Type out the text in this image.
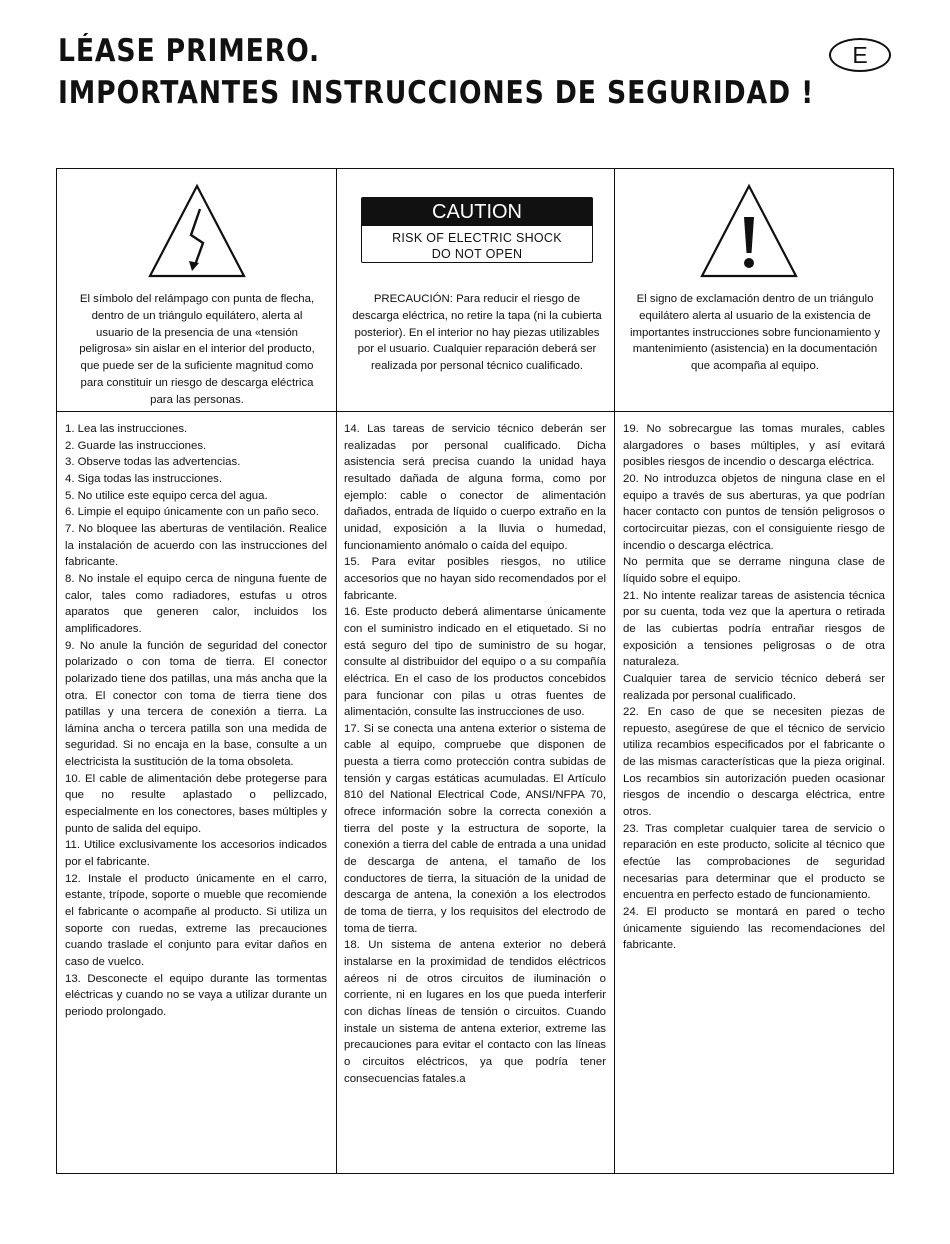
LÉASE PRIMERO.
IMPORTANTES INSTRUCCIONES DE SEGURIDAD !
E

El símbolo del relámpago con punta de flecha, dentro de un triángulo equilátero, alerta al usuario de la presencia de una «tensión peligrosa» sin aislar en el interior del producto, que puede ser de la suficiente magnitud como para constituir un riesgo de descarga eléctrica para las personas.

CAUTION
RISK OF ELECTRIC SHOCK
DO NOT OPEN

PRECAUCIÓN: Para reducir el riesgo de descarga eléctrica, no retire la tapa (ni la cubierta posterior). En el interior no hay piezas utilizables por el usuario. Cualquier reparación deberá ser realizada por personal técnico cualificado.

El signo de exclamación dentro de un triángulo equilátero alerta al usuario de la existencia de importantes instrucciones sobre funcionamiento y mantenimiento (asistencia) en la documentación que acompaña al equipo.

1. Lea las instrucciones.

2. Guarde las instrucciones.

3. Observe todas las advertencias.

4. Siga todas las instrucciones.

5. No utilice este equipo cerca del agua.

6. Limpie el equipo únicamente con un paño seco.

7. No bloquee las aberturas de ventilación. Realice la instalación de acuerdo con las instrucciones del fabricante.

8. No instale el equipo cerca de ninguna fuente de calor, tales como radiadores, estufas u otros aparatos que generen calor, incluidos los amplificadores.

9. No anule la función de seguridad del conector polarizado o con toma de tierra. El conector polarizado tiene dos patillas, una más ancha que la otra. El conector con toma de tierra tiene dos patillas y una tercera de conexión a tierra. La lámina ancha o tercera patilla son una medida de seguridad. Si no encaja en la base, consulte a un electricista la sustitución de la toma obsoleta.

10. El cable de alimentación debe protegerse para que no resulte aplastado o pellizcado, especialmente en los conectores, bases múltiples y punto de salida del equipo.

11. Utilice exclusivamente los accesorios indicados por el fabricante.

12. Instale el producto únicamente en el carro, estante, trípode, soporte o mueble que recomiende el fabricante o acompañe al producto. Si utiliza un soporte con ruedas, extreme las precauciones cuando traslade el conjunto para evitar daños en caso de vuelco.

13. Desconecte el equipo durante las tormentas eléctricas y cuando no se vaya a utilizar durante un periodo prolongado.

14. Las tareas de servicio técnico deberán ser realizadas por personal cualificado. Dicha asistencia será precisa cuando la unidad haya resultado dañada de alguna forma, como por ejemplo: cable o conector de alimentación dañados, entrada de líquido o cuerpo extraño en la unidad, exposición a la lluvia o humedad, funcionamiento anómalo o caída del equipo.

15. Para evitar posibles riesgos, no utilice accesorios que no hayan sido recomendados por el fabricante.

16. Este producto deberá alimentarse únicamente con el suministro indicado en el etiquetado. Si no está seguro del tipo de suministro de su hogar, consulte al distribuidor del equipo o a su compañía eléctrica. En el caso de los productos concebidos para funcionar con pilas u otras fuentes de alimentación, consulte las instrucciones de uso.

17. Si se conecta una antena exterior o sistema de cable al equipo, compruebe que disponen de puesta a tierra como protección contra subidas de tensión y cargas estáticas acumuladas. El Artículo 810 del National Electrical Code, ANSI/NFPA 70, ofrece información sobre la correcta conexión a tierra del poste y la estructura de soporte, la conexión a tierra del cable de entrada a una unidad de descarga de antena, el tamaño de los conductores de tierra, la situación de la unidad de descarga de antena, la conexión a los electrodos de toma de tierra, y los requisitos del electrodo de toma de tierra.

18. Un sistema de antena exterior no deberá instalarse en la proximidad de tendidos eléctricos aéreos ni de otros circuitos de iluminación o corriente, ni en lugares en los que pueda interferir con dichas líneas de tensión o circuitos. Cuando instale un sistema de antena exterior, extreme las precauciones para evitar el contacto con las líneas o circuitos eléctricos, ya que podría tener consecuencias fatales.a

19. No sobrecargue las tomas murales, cables alargadores o bases múltiples, y así evitará posibles riesgos de incendio o descarga eléctrica.

20. No introduzca objetos de ninguna clase en el equipo a través de sus aberturas, ya que podrían hacer contacto con puntos de tensión peligrosos o cortocircuitar piezas, con el consiguiente riesgo de incendio o descarga eléctrica.

No permita que se derrame ninguna clase de líquido sobre el equipo.

21. No intente realizar tareas de asistencia técnica por su cuenta, toda vez que la apertura o retirada de las cubiertas podría entrañar riesgos de exposición a tensiones peligrosas o de otra naturaleza.

Cualquier tarea de servicio técnico deberá ser realizada por personal cualificado.

22. En caso de que se necesiten piezas de repuesto, asegúrese de que el técnico de servicio utiliza recambios especificados por el fabricante o de las mismas características que la pieza original. Los recambios sin autorización pueden ocasionar riesgos de incendio o descarga eléctrica, entre otros.

23. Tras completar cualquier tarea de servicio o reparación en este producto, solicite al técnico que efectúe las comprobaciones de seguridad necesarias para determinar que el producto se encuentra en perfecto estado de funcionamiento.

24. El producto se montará en pared o techo únicamente siguiendo las recomendaciones del fabricante.
